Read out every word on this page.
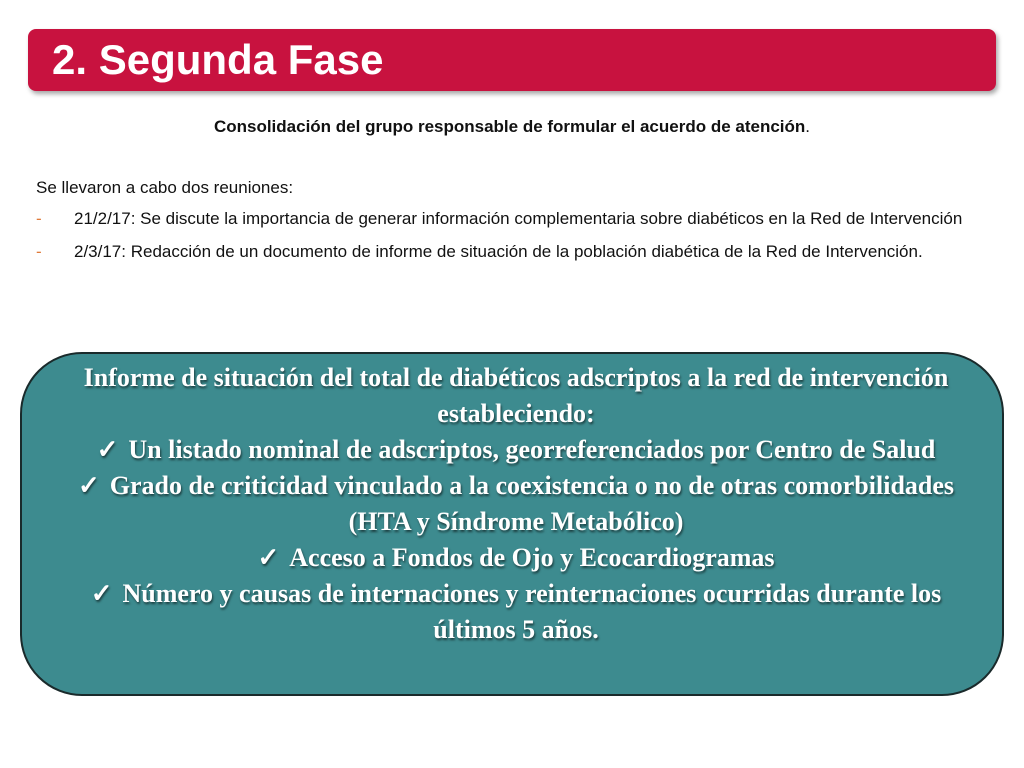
2. Segunda Fase
Consolidación del grupo responsable de formular el acuerdo de atención.
Se llevaron a cabo dos reuniones:
- 21/2/17: Se discute la importancia de generar información complementaria sobre diabéticos en la Red de Intervención
- 2/3/17: Redacción de un documento de informe de situación de la población diabética de la Red de Intervención.

Informe de situación del total de diabéticos adscriptos a la red de intervención estableciendo:

✓ Un listado nominal de adscriptos, georreferenciados por Centro de Salud

✓ Grado de criticidad vinculado a la coexistencia o no de otras comorbilidades (HTA y Síndrome Metabólico)

✓ Acceso a Fondos de Ojo y Ecocardiogramas

✓ Número y causas de internaciones y reinternaciones ocurridas durante los últimos 5 años.
